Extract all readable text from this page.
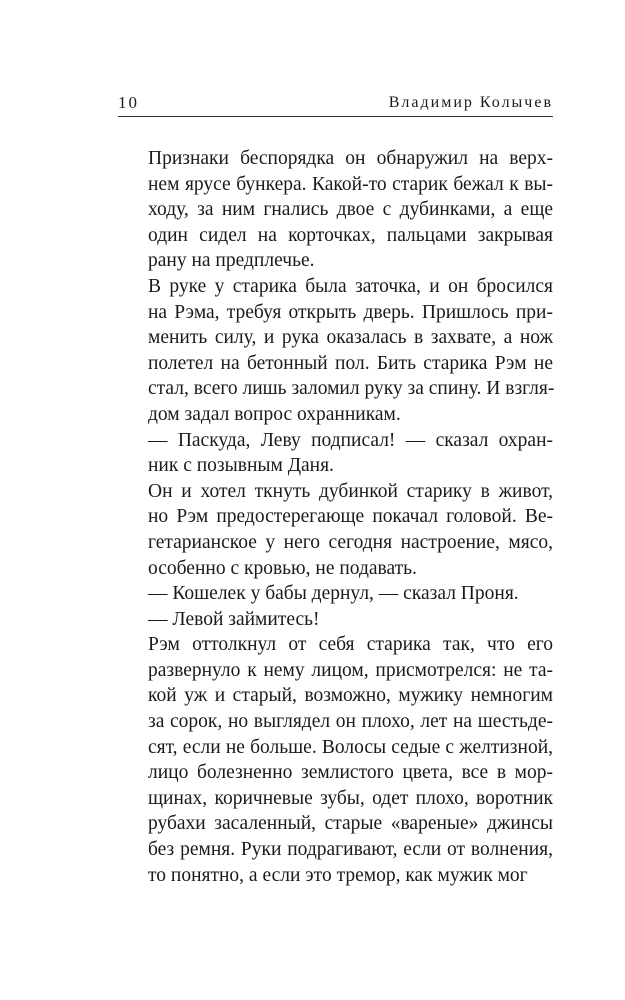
10	Владимир Колычев

Признаки беспорядка он обнаружил на верх-
нем ярусе бункера. Какой-то старик бежал к вы-
ходу, за ним гнались двое с дубинками, а еще
один сидел на корточках, пальцами закрывая
рану на предплечье.

В руке у старика была заточка, и он бросился
на Рэма, требуя открыть дверь. Пришлось при-
менить силу, и рука оказалась в захвате, а нож
полетел на бетонный пол. Бить старика Рэм не
стал, всего лишь заломил руку за спину. И взгля-
дом задал вопрос охранникам.

— Паскуда, Леву подписал! — сказал охран-
ник с позывным Даня.

Он и хотел ткнуть дубинкой старику в живот,
но Рэм предостерегающе покачал головой. Ве-
гетарианское у него сегодня настроение, мясо,
особенно с кровью, не подавать.

— Кошелек у бабы дернул, — сказал Проня.

— Левой займитесь!

Рэм оттолкнул от себя старика так, что его
развернуло к нему лицом, присмотрелся: не та-
кой уж и старый, возможно, мужику немногим
за сорок, но выглядел он плохо, лет на шестьде-
сят, если не больше. Волосы седые с желтизной,
лицо болезненно землистого цвета, все в мор-
щинах, коричневые зубы, одет плохо, воротник
рубахи засаленный, старые «вареные» джинсы
без ремня. Руки подрагивают, если от волнения,
то понятно, а если это тремор, как мужик мог
